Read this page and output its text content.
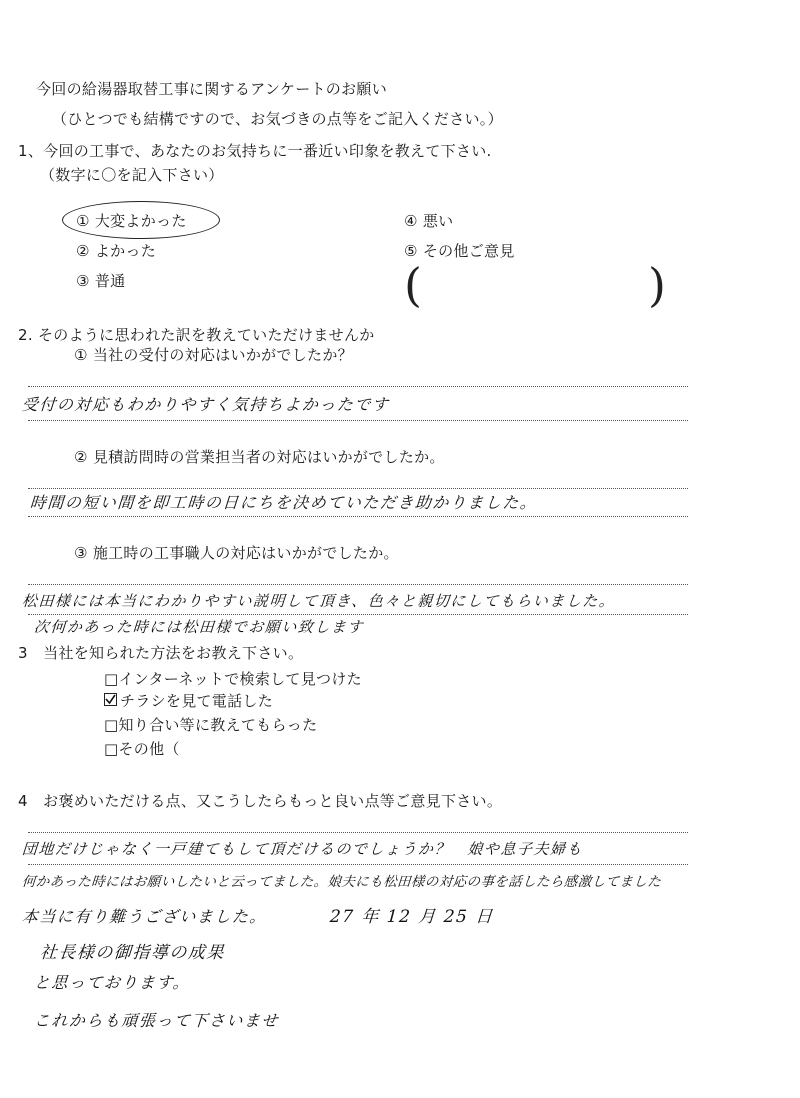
今回の給湯器取替工事に関するアンケートのお願い
（ひとつでも結構ですので、お気づきの点等をご記入ください。）
1、今回の工事で、あなたのお気持ちに一番近い印象を教えて下さい.
（数字に〇を記入下さい）
① 大変よかった
② よかった
③ 普通
④ 悪い
⑤ その他ご意見
(	)
2. そのように思われた訳を教えていただけませんか
① 当社の受付の対応はいかがでしたか？
受付の対応もわかりやすく気持ちよかったです
② 見積訪問時の営業担当者の対応はいかがでしたか。
時間の短い間を即工時の日にちを決めていただき助かりました。
③ 施工時の工事職人の対応はいかがでしたか。
松田様には本当にわかりやすい説明して頂き、色々と親切にしてもらいました。
次何かあった時には松田様でお願い致します
3　当社を知られた方法をお教え下さい。
□インターネットで検索して見つけた
チラシを見て電話した
□知り合い等に教えてもらった
□その他（
4　お褒めいただける点、又こうしたらもっと良い点等ご意見下さい。
団地だけじゃなく一戸建てもして頂だけるのでしょうか？　娘や息子夫婦も
何かあった時にはお願いしたいと云ってました。娘夫にも松田様の対応の事を話したら感激してました
本当に有り難うございました。	27 年 12 月 25 日
社長様の御指導の成果
と思っております。
これからも頑張って下さいませ
